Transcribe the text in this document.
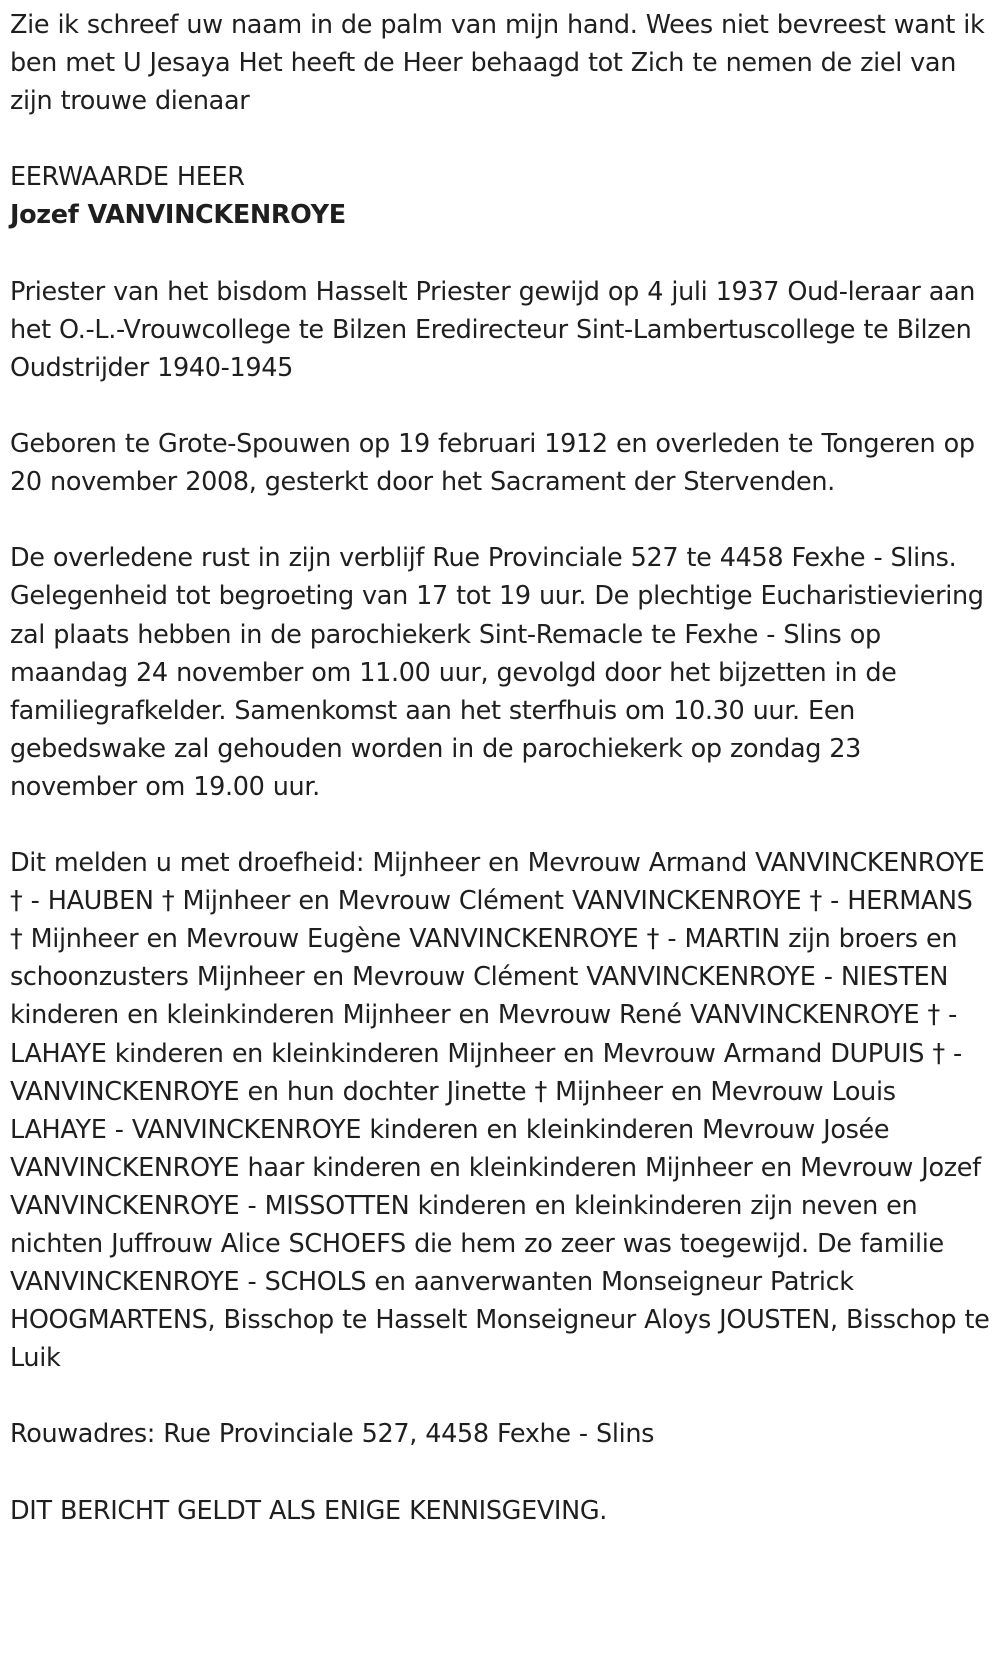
Zie ik schreef uw naam in de palm van mijn hand. Wees niet bevreest want ik ben met U Jesaya Het heeft de Heer behaagd tot Zich te nemen de ziel van zijn trouwe dienaar

EERWAARDE HEER

Jozef VANVINCKENROYE

Priester van het bisdom Hasselt Priester gewijd op 4 juli 1937 Oud-leraar aan het O.-L.-Vrouwcollege te Bilzen Eredirecteur Sint-Lambertuscollege te Bilzen Oudstrijder 1940-1945

Geboren te Grote-Spouwen op 19 februari 1912 en overleden te Tongeren op 20 november 2008, gesterkt door het Sacrament der Stervenden.

De overledene rust in zijn verblijf Rue Provinciale 527 te 4458 Fexhe - Slins. Gelegenheid tot begroeting van 17 tot 19 uur. De plechtige Eucharistieviering zal plaats hebben in de parochiekerk Sint-Remacle te Fexhe - Slins op maandag 24 november om 11.00 uur, gevolgd door het bijzetten in de familiegrafkelder. Samenkomst aan het sterfhuis om 10.30 uur. Een gebedswake zal gehouden worden in de parochiekerk op zondag 23 november om 19.00 uur.

Dit melden u met droefheid: Mijnheer en Mevrouw Armand VANVINCKENROYE † - HAUBEN † Mijnheer en Mevrouw Clément VANVINCKENROYE † - HERMANS † Mijnheer en Mevrouw Eugène VANVINCKENROYE † - MARTIN zijn broers en schoonzusters Mijnheer en Mevrouw Clément VANVINCKENROYE - NIESTEN kinderen en kleinkinderen Mijnheer en Mevrouw René VANVINCKENROYE † - LAHAYE kinderen en kleinkinderen Mijnheer en Mevrouw Armand DUPUIS † - VANVINCKENROYE en hun dochter Jinette † Mijnheer en Mevrouw Louis LAHAYE - VANVINCKENROYE kinderen en kleinkinderen Mevrouw Josée VANVINCKENROYE haar kinderen en kleinkinderen Mijnheer en Mevrouw Jozef VANVINCKENROYE - MISSOTTEN kinderen en kleinkinderen zijn neven en nichten Juffrouw Alice SCHOEFS die hem zo zeer was toegewijd. De familie VANVINCKENROYE - SCHOLS en aanverwanten Monseigneur Patrick HOOGMARTENS, Bisschop te Hasselt Monseigneur Aloys JOUSTEN, Bisschop te Luik

Rouwadres: Rue Provinciale 527, 4458 Fexhe - Slins

DIT BERICHT GELDT ALS ENIGE KENNISGEVING.
